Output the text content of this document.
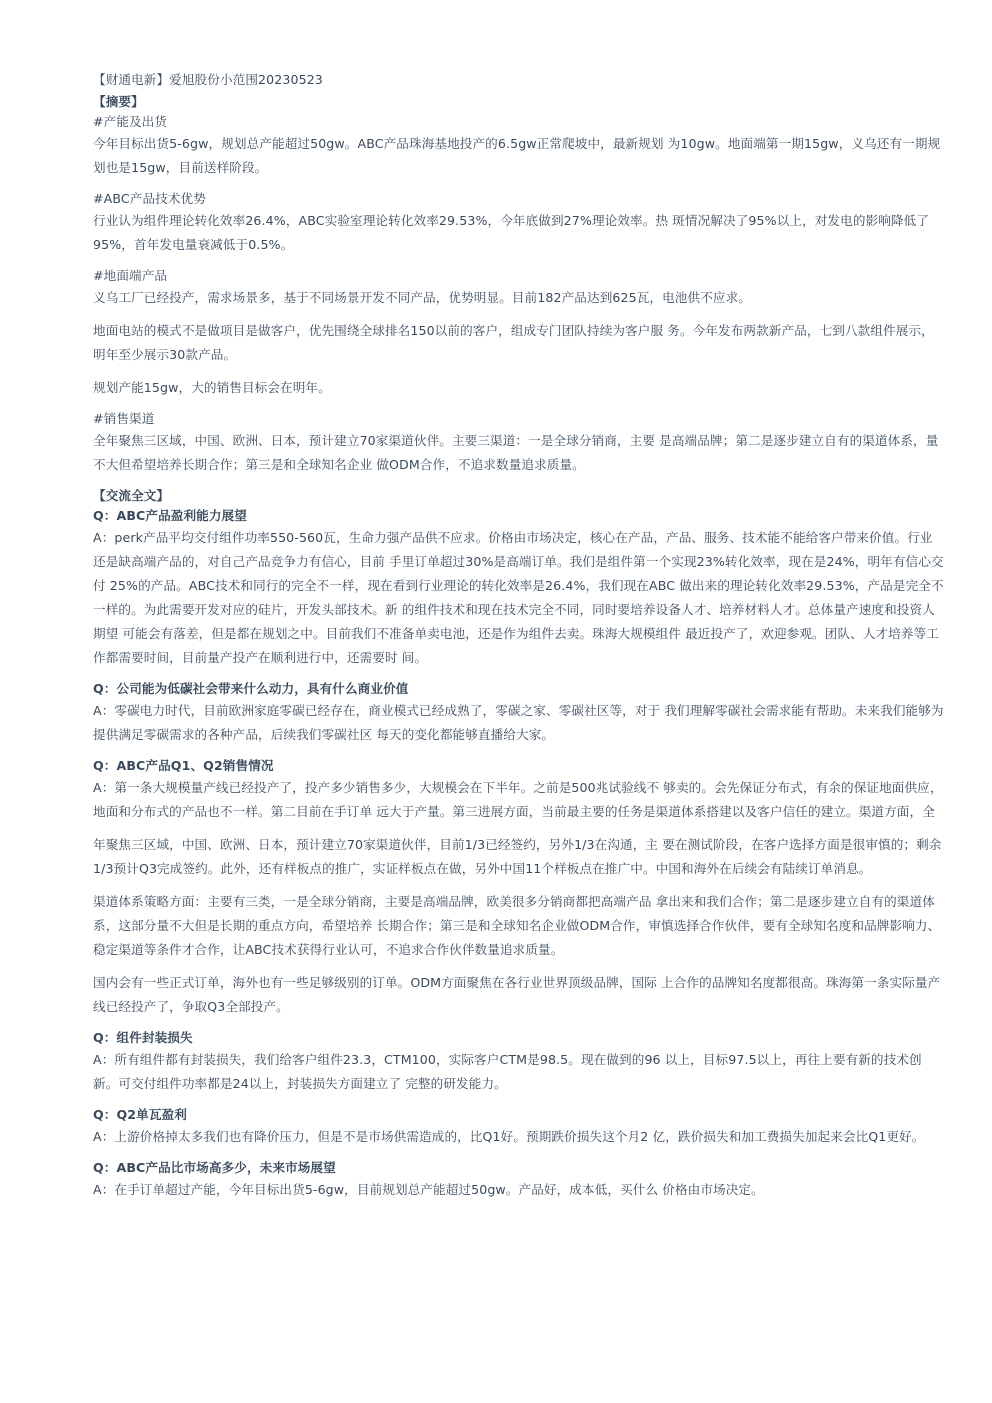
【财通电新】爱旭股份小范围20230523
【摘要】
#产能及出货
今年目标出货5-6gw，规划总产能超过50gw。ABC产品珠海基地投产的6.5gw正常爬坡中，最新规划 为10gw。地面端第一期15gw，义乌还有一期规划也是15gw，目前送样阶段。
#ABC产品技术优势
行业认为组件理论转化效率26.4%，ABC实验室理论转化效率29.53%，今年底做到27%理论效率。热 斑情况解决了95%以上，对发电的影响降低了95%，首年发电量衰减低于0.5%。
#地面端产品
义乌工厂已经投产，需求场景多，基于不同场景开发不同产品，优势明显。目前182产品达到625瓦，电池供不应求。
地面电站的模式不是做项目是做客户，优先围绕全球排名150以前的客户，组成专门团队持续为客户服 务。今年发布两款新产品，七到八款组件展示，明年至少展示30款产品。
规划产能15gw，大的销售目标会在明年。
#销售渠道
全年聚焦三区域，中国、欧洲、日本，预计建立70家渠道伙伴。主要三渠道：一是全球分销商，主要 是高端品牌；第二是逐步建立自有的渠道体系，量不大但希望培养长期合作；第三是和全球知名企业 做ODM合作，不追求数量追求质量。
【交流全文】
Q：ABC产品盈利能力展望
A：perk产品平均交付组件功率550-560瓦，生命力强产品供不应求。价格由市场决定，核心在产品，产品、服务、技术能不能给客户带来价值。行业还是缺高端产品的，对自己产品竞争力有信心，目前 手里订单超过30%是高端订单。我们是组件第一个实现23%转化效率，现在是24%，明年有信心交付 25%的产品。ABC技术和同行的完全不一样，现在看到行业理论的转化效率是26.4%，我们现在ABC 做出来的理论转化效率29.53%，产品是完全不一样的。为此需要开发对应的硅片，开发头部技术。新 的组件技术和现在技术完全不同，同时要培养设备人才、培养材料人才。总体量产速度和投资人期望 可能会有落差，但是都在规划之中。目前我们不准备单卖电池，还是作为组件去卖。珠海大规模组件 最近投产了，欢迎参观。团队、人才培养等工作都需要时间，目前量产投产在顺利进行中，还需要时 间。
Q：公司能为低碳社会带来什么动力，具有什么商业价值
A：零碳电力时代，目前欧洲家庭零碳已经存在，商业模式已经成熟了，零碳之家、零碳社区等，对于 我们理解零碳社会需求能有帮助。未来我们能够为提供满足零碳需求的各种产品，后续我们零碳社区 每天的变化都能够直播给大家。
Q：ABC产品Q1、Q2销售情况
A：第一条大规模量产线已经投产了，投产多少销售多少，大规模会在下半年。之前是500兆试验线不 够卖的。会先保证分布式，有余的保证地面供应，地面和分布式的产品也不一样。第二目前在手订单 远大于产量。第三进展方面，当前最主要的任务是渠道体系搭建以及客户信任的建立。渠道方面，全
年聚焦三区域，中国、欧洲、日本，预计建立70家渠道伙伴，目前1/3已经签约，另外1/3在沟通，主 要在测试阶段，在客户选择方面是很审慎的；剩余1/3预计Q3完成签约。此外，还有样板点的推广，实证样板点在做，另外中国11个样板点在推广中。中国和海外在后续会有陆续订单消息。
渠道体系策略方面：主要有三类，一是全球分销商，主要是高端品牌，欧美很多分销商都把高端产品 拿出来和我们合作；第二是逐步建立自有的渠道体系，这部分量不大但是长期的重点方向，希望培养 长期合作；第三是和全球知名企业做ODM合作，审慎选择合作伙伴，要有全球知名度和品牌影响力、稳定渠道等条件才合作，让ABC技术获得行业认可，不追求合作伙伴数量追求质量。
国内会有一些正式订单，海外也有一些足够级别的订单。ODM方面聚焦在各行业世界顶级品牌，国际 上合作的品牌知名度都很高。珠海第一条实际量产线已经投产了，争取Q3全部投产。
Q：组件封装损失
A：所有组件都有封装损失，我们给客户组件23.3，CTM100，实际客户CTM是98.5。现在做到的96 以上，目标97.5以上，再往上要有新的技术创新。可交付组件功率都是24以上，封装损失方面建立了 完整的研发能力。
Q：Q2单瓦盈利
A：上游价格掉太多我们也有降价压力，但是不是市场供需造成的，比Q1好。预期跌价损失这个月2 亿，跌价损失和加工费损失加起来会比Q1更好。
Q：ABC产品比市场高多少，未来市场展望
A：在手订单超过产能，今年目标出货5-6gw，目前规划总产能超过50gw。产品好，成本低，买什么 价格由市场决定。
